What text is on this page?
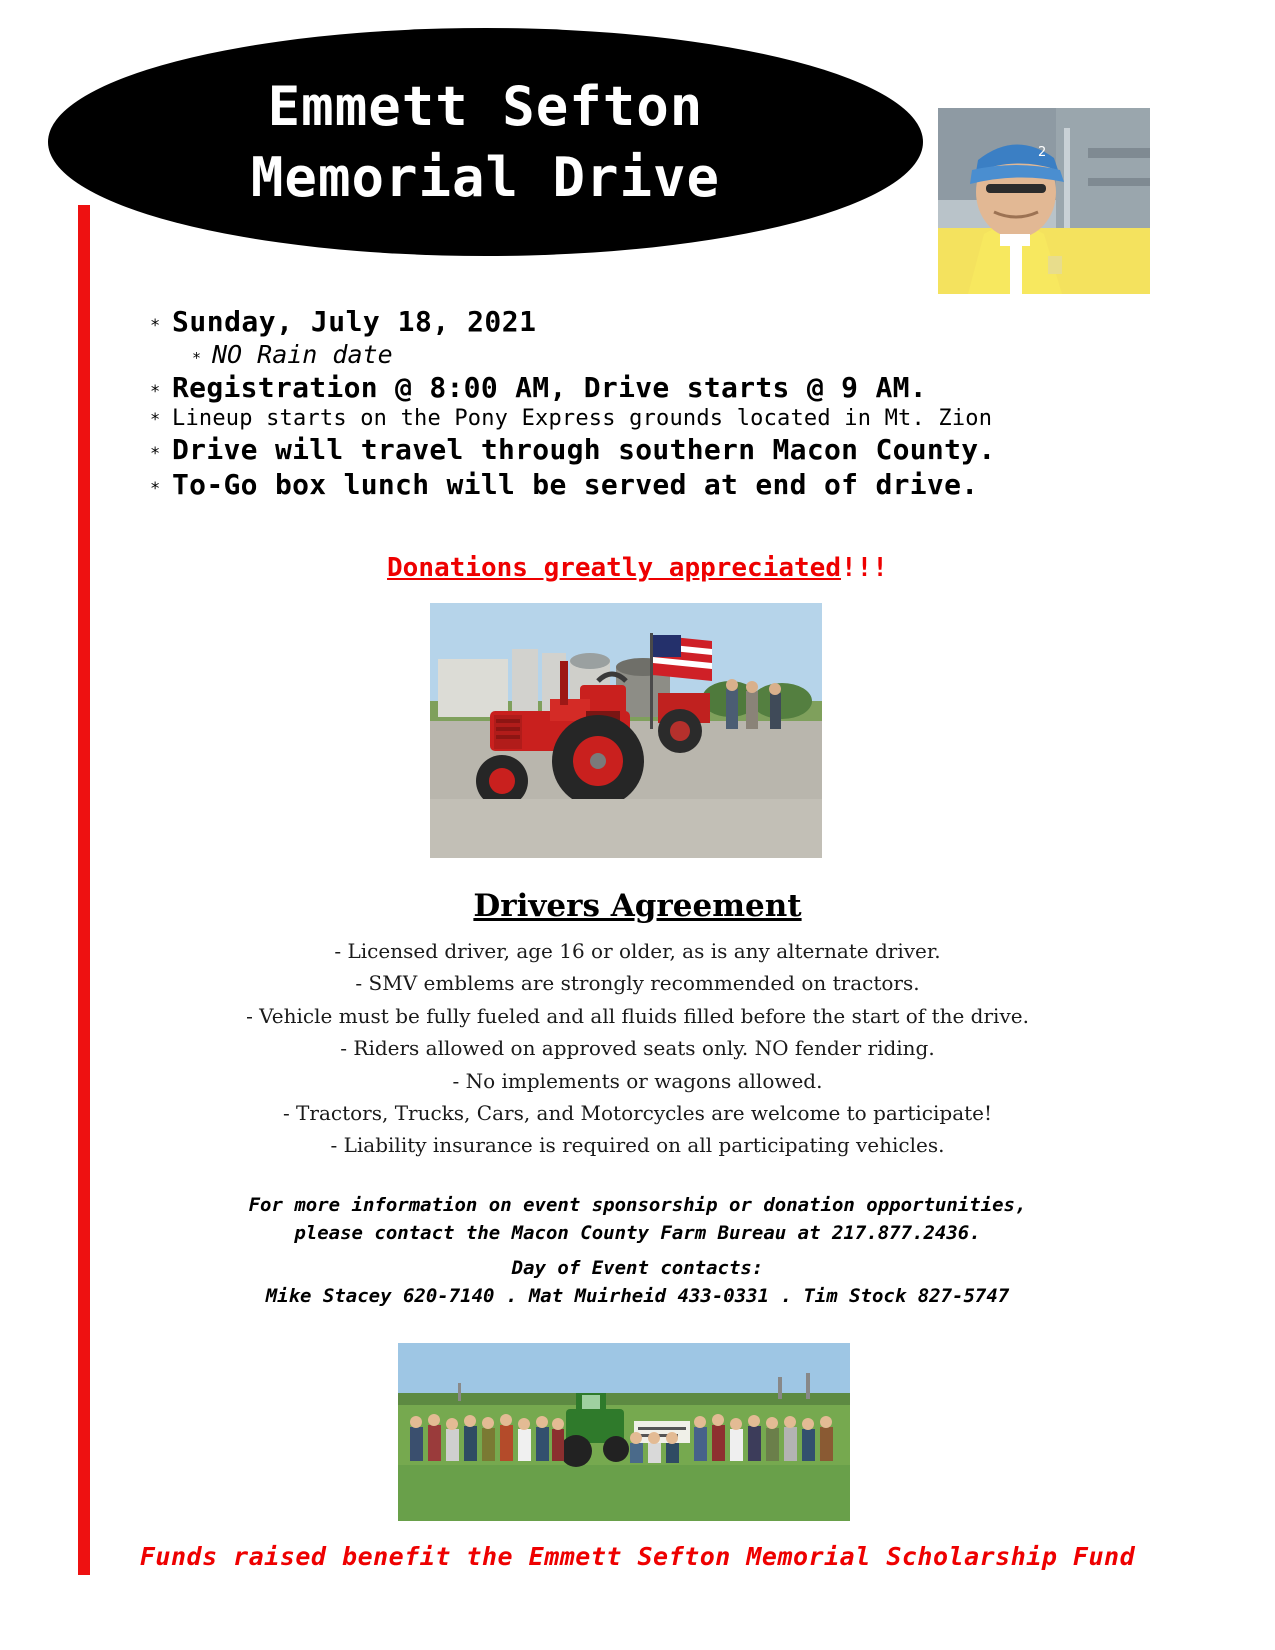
Emmett Sefton
Memorial Drive	2
* Sunday, July 18, 2021
* NO Rain date
* Registration @ 8:00 AM, Drive starts @ 9 AM.
* Lineup starts on the Pony Express grounds located in Mt. Zion
* Drive will travel through southern Macon County.
* To-Go box lunch will be served at end of drive.
Donations greatly appreciated!!!
Drivers Agreement
- Licensed driver, age 16 or older, as is any alternate driver.
- SMV emblems are strongly recommended on tractors.
- Vehicle must be fully fueled and all fluids filled before the start of the drive.
- Riders allowed on approved seats only. NO fender riding.
- No implements or wagons allowed.
- Tractors, Trucks, Cars, and Motorcycles are welcome to participate!
- Liability insurance is required on all participating vehicles.
For more information on event sponsorship or donation opportunities,
please contact the Macon County Farm Bureau at 217.877.2436.
Day of Event contacts:
Mike Stacey 620-7140 . Mat Muirheid 433-0331 . Tim Stock 827-5747
Funds raised benefit the Emmett Sefton Memorial Scholarship Fund
